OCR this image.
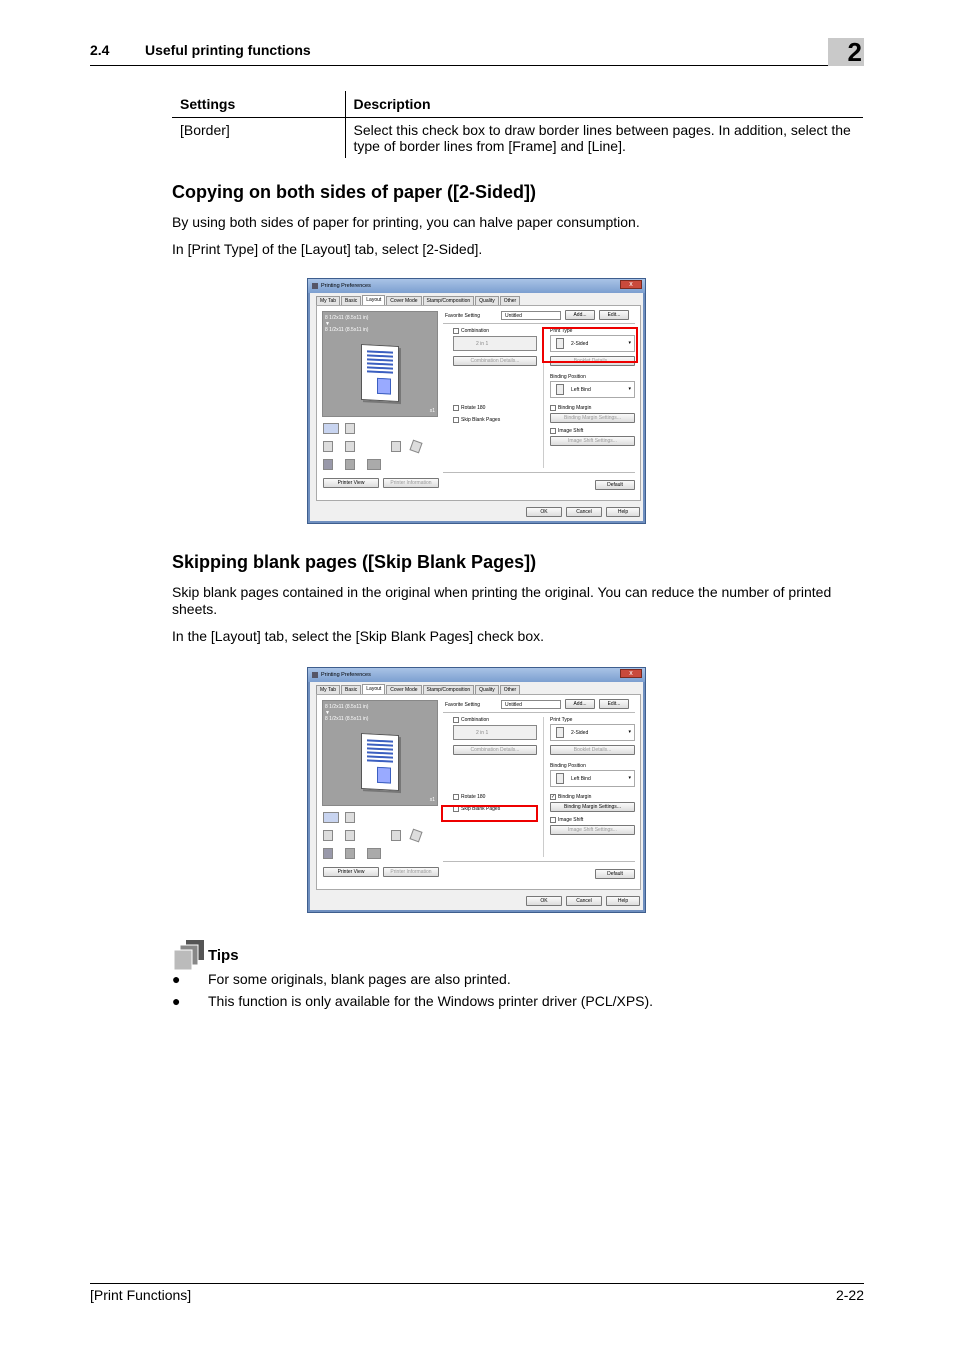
2.4	Useful printing functions	2
Settings	Description
[Border]	Select this check box to draw border lines between pages. In addition, select the type of border lines from [Frame] and [Line].
Copying on both sides of paper ([2-Sided])

By using both sides of paper for printing, you can halve paper consumption.

In [Print Type] of the [Layout] tab, select [2-Sided].

Printing Preferences	x
My Tab	Basic	Layout	Cover Mode	Stamp/Composition	Quality	Other
8 1/2x11 (8.5x11 in)
▼
8 1/2x11 (8.5x11 in)
x1
Printer View	Printer Information
Favorite Setting	Untitled	Add...	Edit...
Combination
2 in 1
Combination Details...
Print Type
2-Sided	▾
Booklet Details...
Binding Position
Left Bind	▾
Rotate 180
Skip Blank Pages
Binding Margin
Binding Margin Settings...
Image Shift
Image Shift Settings...
Default
OK	Cancel	Help
Skipping blank pages ([Skip Blank Pages])

Skip blank pages contained in the original when printing the original. You can reduce the number of printed sheets.

In the [Layout] tab, select the [Skip Blank Pages] check box.

Printing Preferences	x
My Tab	Basic	Layout	Cover Mode	Stamp/Composition	Quality	Other
8 1/2x11 (8.5x11 in)
▼
8 1/2x11 (8.5x11 in)
x1
Printer View	Printer Information
Favorite Setting	Untitled	Add...	Edit...
Combination
2 in 1
Combination Details...
Print Type
2-Sided	▾
Booklet Details...
Binding Position
Left Bind	▾
Rotate 180
Skip Blank Pages
✓ Binding Margin
Binding Margin Settings...
Image Shift
Image Shift Settings...
Default
OK	Cancel	Help
Tips
● For some originals, blank pages are also printed.
● This function is only available for the Windows printer driver (PCL/XPS).
[Print Functions]	2-22
